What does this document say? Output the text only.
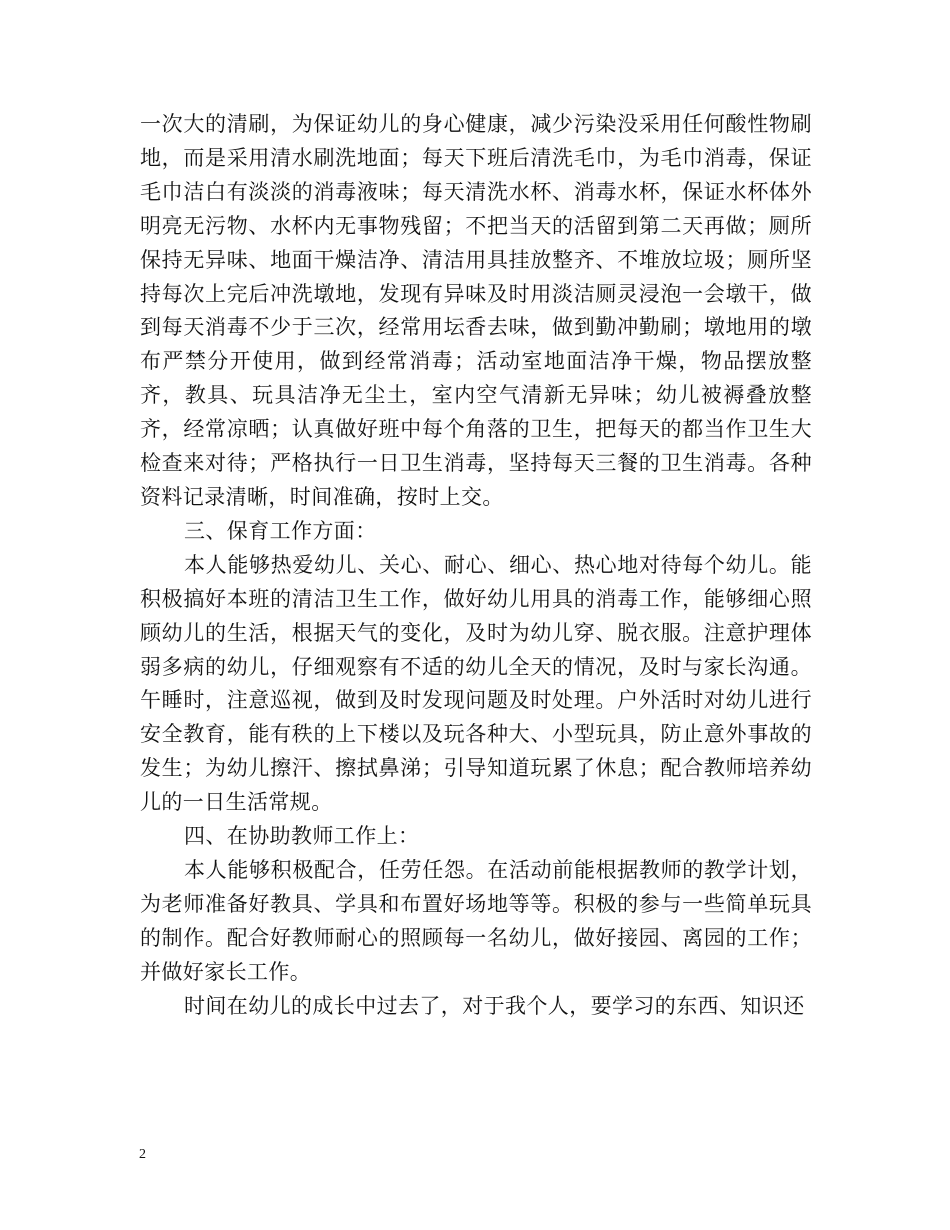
一次大的清刷，为保证幼儿的身心健康，减少污染没采用任何酸性物刷地，而是采用清水刷洗地面；每天下班后清洗毛巾，为毛巾消毒，保证毛巾洁白有淡淡的消毒液味；每天清洗水杯、消毒水杯，保证水杯体外明亮无污物、水杯内无事物残留；不把当天的活留到第二天再做；厕所保持无异味、地面干燥洁净、清洁用具挂放整齐、不堆放垃圾；厕所坚持每次上完后冲洗墩地，发现有异味及时用淡洁厕灵浸泡一会墩干，做到每天消毒不少于三次，经常用坛香去味，做到勤冲勤刷；墩地用的墩布严禁分开使用，做到经常消毒；活动室地面洁净干燥，物品摆放整齐，教具、玩具洁净无尘土，室内空气清新无异味；幼儿被褥叠放整齐，经常凉晒；认真做好班中每个角落的卫生，把每天的都当作卫生大检查来对待；严格执行一日卫生消毒，坚持每天三餐的卫生消毒。各种资料记录清晰，时间准确，按时上交。

三、保育工作方面：

本人能够热爱幼儿、关心、耐心、细心、热心地对待每个幼儿。能积极搞好本班的清洁卫生工作，做好幼儿用具的消毒工作，能够细心照顾幼儿的生活，根据天气的变化，及时为幼儿穿、脱衣服。注意护理体弱多病的幼儿，仔细观察有不适的幼儿全天的情况，及时与家长沟通。午睡时，注意巡视，做到及时发现问题及时处理。户外活时对幼儿进行安全教育，能有秩的上下楼以及玩各种大、小型玩具，防止意外事故的发生；为幼儿擦汗、擦拭鼻涕；引导知道玩累了休息；配合教师培养幼儿的一日生活常规。

四、在协助教师工作上：

本人能够积极配合，任劳任怨。在活动前能根据教师的教学计划，为老师准备好教具、学具和布置好场地等等。积极的参与一些简单玩具的制作。配合好教师耐心的照顾每一名幼儿，做好接园、离园的工作；并做好家长工作。

时间在幼儿的成长中过去了，对于我个人，要学习的东西、知识还

2
